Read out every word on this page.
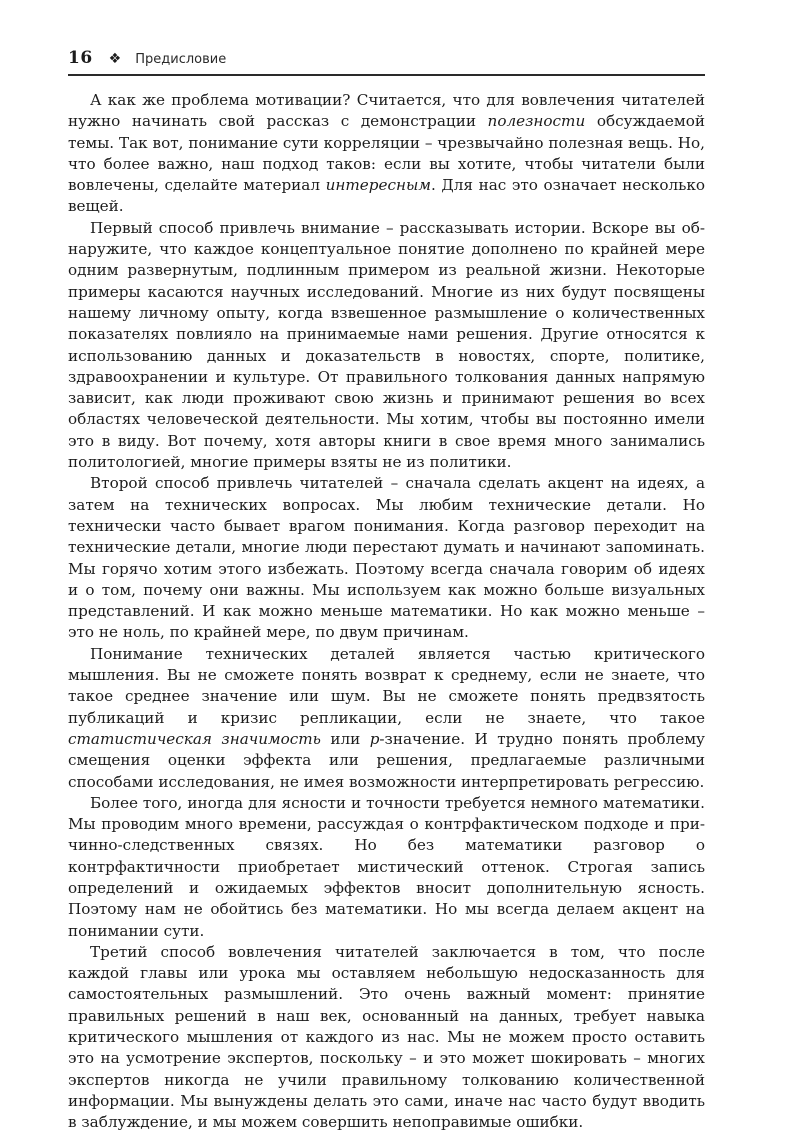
16 ❖ Предисловие

А как же проблема мотивации? Считается, что для вовлечения читателей нужно начинать свой рассказ с демонстрации полезности обсуждаемой темы. Так вот, понимание сути корреляции – чрезвычайно полезная вещь. Но, что более важно, наш подход таков: если вы хотите, чтобы читатели были вовлечены, сделайте материал интересным. Для нас это означает несколько вещей.

Первый способ привлечь внимание – рассказывать истории. Вскоре вы обнаружите, что каждое концептуальное понятие дополнено по крайней мере одним развернутым, подлинным примером из реальной жизни. Некоторые примеры касаются научных исследований. Многие из них будут посвящены нашему личному опыту, когда взвешенное размышление о количественных показателях повлияло на принимаемые нами решения. Другие относятся к использованию данных и доказательств в новостях, спорте, политике, здравоохранении и культуре. От правильного толкования данных напрямую зависит, как люди проживают свою жизнь и принимают решения во всех областях человеческой деятельности. Мы хотим, чтобы вы постоянно имели это в виду. Вот почему, хотя авторы книги в свое время много занимались политологией, многие примеры взяты не из политики.

Второй способ привлечь читателей – сначала сделать акцент на идеях, а затем на технических вопросах. Мы любим технические детали. Но технически часто бывает врагом понимания. Когда разговор переходит на технические детали, многие люди перестают думать и начинают запоминать. Мы горячо хотим этого избежать. Поэтому всегда сначала говорим об идеях и о том, почему они важны. Мы используем как можно больше визуальных представлений. И как можно меньше математики. Но как можно меньше – это не ноль, по крайней мере, по двум причинам.

Понимание технических деталей является частью критического мышления. Вы не сможете понять возврат к среднему, если не знаете, что такое среднее значение или шум. Вы не сможете понять предвзятость публикаций и кризис репликации, если не знаете, что такое статистическая значимость или p-значение. И трудно понять проблему смещения оценки эффекта или решения, предлагаемые различными способами исследования, не имея возможности интерпретировать регрессию.

Более того, иногда для ясности и точности требуется немного математики. Мы проводим много времени, рассуждая о контрфактическом подходе и причинно-следственных связях. Но без математики разговор о контрфактичности приобретает мистический оттенок. Строгая запись определений и ожидаемых эффектов вносит дополнительную ясность. Поэтому нам не обойтись без математики. Но мы всегда делаем акцент на понимании сути.

Третий способ вовлечения читателей заключается в том, что после каждой главы или урока мы оставляем небольшую недосказанность для самостоятельных размышлений. Это очень важный момент: принятие правильных решений в наш век, основанный на данных, требует навыка критического мышления от каждого из нас. Мы не можем просто оставить это на усмотрение экспертов, поскольку – и это может шокировать – многих экспертов никогда не учили правильному толкованию количественной информации. Мы вынуждены делать это сами, иначе нас часто будут вводить в заблуждение, и мы можем совершить непоправимые ошибки.
